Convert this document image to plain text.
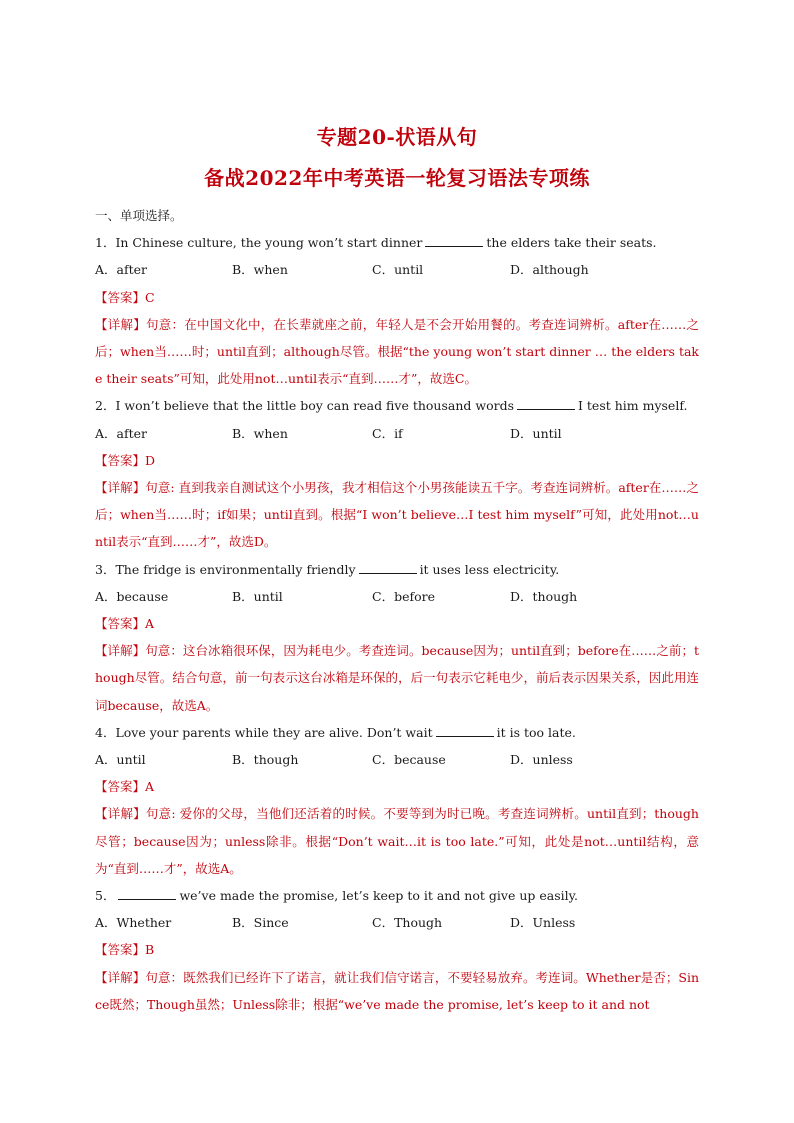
专题20-状语从句
备战2022年中考英语一轮复习语法专项练
一、单项选择。
1．In Chinese culture, the young won’t start dinner	the elders take their seats.
A．after	B．when	C．until	D．although
【答案】C
【详解】句意：在中国文化中，在长辈就座之前，年轻人是不会开始用餐的。考查连词辨析。after在……之后；when当……时；until直到；although尽管。根据“the young won’t start dinner … the elders take their seats”可知，此处用not…until表示“直到……才”，故选C。
2．I won’t believe that the little boy can read five thousand words	I test him myself.
A．after	B．when	C．if	D．until
【答案】D
【详解】句意: 直到我亲自测试这个小男孩，我才相信这个小男孩能读五千字。考查连词辨析。after在……之后；when当……时；if如果；until直到。根据“I won’t believe…I test him myself”可知，此处用not…until表示“直到……才”，故选D。
3．The fridge is environmentally friendly	it uses less electricity.
A．because	B．until	C．before	D．though
【答案】A
【详解】句意：这台冰箱很环保，因为耗电少。考查连词。because因为；until直到；before在……之前；though尽管。结合句意，前一句表示这台冰箱是环保的，后一句表示它耗电少，前后表示因果关系，因此用连词because，故选A。
4．Love your parents while they are alive. Don’t wait	it is too late.
A．until	B．though	C．because	D．unless
【答案】A
【详解】句意: 爱你的父母，当他们还活着的时候。不要等到为时已晚。考查连词辨析。until直到；though尽管；because因为；unless除非。根据“Don’t wait…it is too late.”可知，此处是not…until结构，意为“直到……才”，故选A。
5．	we’ve made the promise, let’s keep to it and not give up easily.
A．Whether	B．Since	C．Though	D．Unless
【答案】B
【详解】句意：既然我们已经许下了诺言，就让我们信守诺言，不要轻易放弃。考连词。Whether是否；Since既然；Though虽然；Unless除非；根据“we’ve made the promise, let’s keep to it and not
